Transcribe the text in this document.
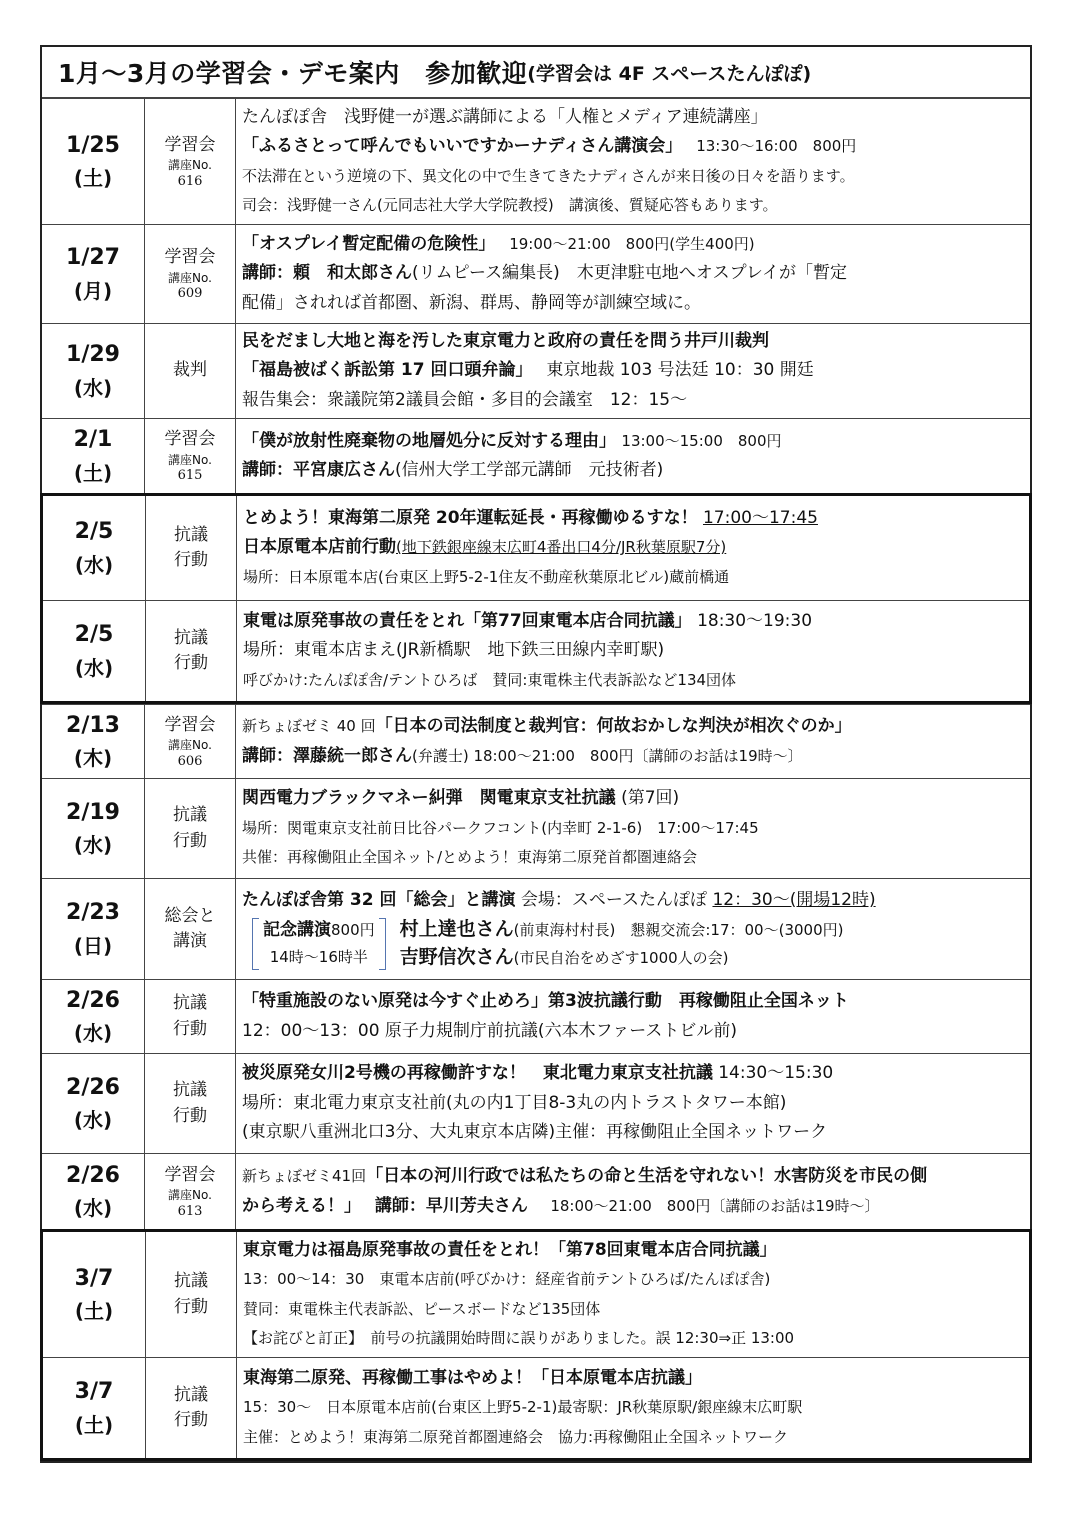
1月～3月の学習会・デモ案内　参加歓迎 (学習会は 4F スペースたんぽぽ)
1/25
(土)
学習会
講座No.
616
たんぽぽ舎　浅野健一が選ぶ講師による「人権とメディア連続講座」
「ふるさとって呼んでもいいですかーナディさん講演会」　 13:30～16:00　800円
不法滞在という逆境の下、異文化の中で生きてきたナディさんが来日後の日々を語ります。
司会：浅野健一さん(元同志社大学大学院教授)　講演後、質疑応答もあります。
1/27
(月)
学習会
講座No.
609
「オスプレイ暫定配備の危険性」　 19:00～21:00　800円(学生400円)
講師：頼　和太郎さん(リムピース編集長)　木更津駐屯地へオスプレイが「暫定
配備」されれば首都圏、新潟、群馬、静岡等が訓練空域に。
1/29
(水)
裁判
民をだまし大地と海を汚した東京電力と政府の責任を問う井戸川裁判
「福島被ばく訴訟第 17 回口頭弁論」　 東京地裁 103 号法廷 10：30 開廷
報告集会：衆議院第2議員会館・多目的会議室　12：15～
2/1
(土)
学習会
講座No.
615
「僕が放射性廃棄物の地層処分に反対する理由」 13:00～15:00　800円
講師：平宮康広さん(信州大学工学部元講師　元技術者)
2/5
(水)
抗議
行動
とめよう！東海第二原発 20年運転延長・再稼働ゆるすな！ 17:00～17:45
日本原電本店前行動(地下鉄銀座線末広町4番出口4分/JR秋葉原駅7分)
場所：日本原電本店(台東区上野5-2-1住友不動産秋葉原北ビル)蔵前橋通
2/5
(水)
抗議
行動
東電は原発事故の責任をとれ「第77回東電本店合同抗議」 18:30～19:30
場所：東電本店まえ(JR新橋駅　地下鉄三田線内幸町駅)
呼びかけ:たんぽぽ舎/テントひろば　賛同:東電株主代表訴訟など134団体
2/13
(木)
学習会
講座No.
606
新ちょぼゼミ 40 回「日本の司法制度と裁判官：何故おかしな判決が相次ぐのか」
講師：澤藤統一郎さん(弁護士) 18:00～21:00　800円〔講師のお話は19時～〕
2/19
(水)
抗議
行動
関西電力ブラックマネー糾弾　関電東京支社抗議 (第7回)
場所：関電東京支社前日比谷パークフコント(内幸町 2-1-6)　17:00～17:45
共催：再稼働阻止全国ネット/とめよう！東海第二原発首都圏連絡会
2/23
(日)
総会と
講演
たんぽぽ舎第 32 回「総会」と講演 会場：スペースたんぽぽ 12：30～(開場12時)
記念講演800円
14時～16時半
村上達也さん(前東海村村長)　懇親交流会:17：00～(3000円)
吉野信次さん(市民自治をめざす1000人の会)
2/26
(水)
抗議
行動
「特重施設のない原発は今すぐ止めろ」第3波抗議行動　再稼働阻止全国ネット
12：00～13：00 原子力規制庁前抗議(六本木ファーストビル前)
2/26
(水)
抗議
行動
被災原発女川2号機の再稼働許すな！　東北電力東京支社抗議 14:30～15:30
場所：東北電力東京支社前(丸の内1丁目8-3丸の内トラストタワー本館)
(東京駅八重洲北口3分、大丸東京本店隣)主催：再稼働阻止全国ネットワーク
2/26
(水)
学習会
講座No.
613
新ちょぼゼミ41回「日本の河川行政では私たちの命と生活を守れない！水害防災を市民の側
から考える！」　 講師：早川芳夫さん　 18:00～21:00　800円〔講師のお話は19時～〕
3/7
(土)
抗議
行動
東京電力は福島原発事故の責任をとれ！「第78回東電本店合同抗議」
13：00～14：30　東電本店前(呼びかけ：経産省前テントひろば/たんぽぽ舎)
賛同：東電株主代表訴訟、ピースボードなど135団体
【お詫びと訂正】　前号の抗議開始時間に誤りがありました。誤 12:30⇒正 13:00
3/7
(土)
抗議
行動
東海第二原発、再稼働工事はやめよ！「日本原電本店抗議」
15：30～　日本原電本店前(台東区上野5-2-1)最寄駅：JR秋葉原駅/銀座線末広町駅
主催：とめよう！東海第二原発首都圏連絡会　協力:再稼働阻止全国ネットワーク
